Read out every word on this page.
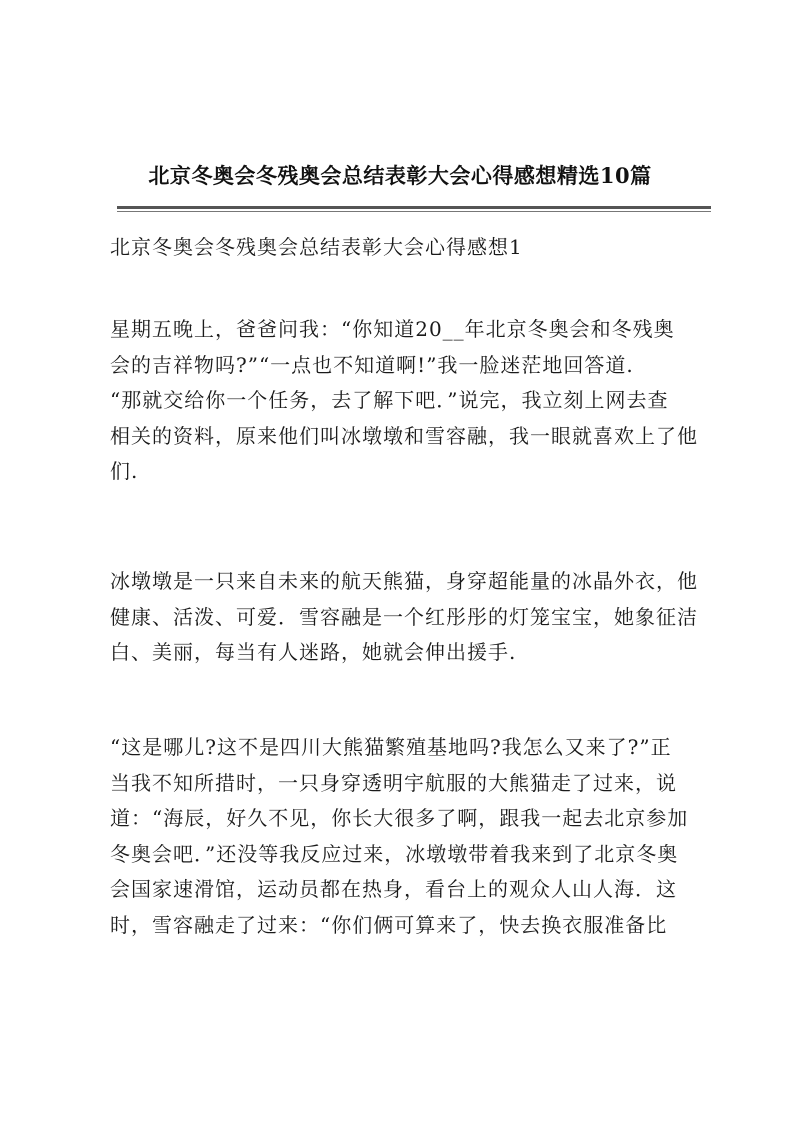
北京冬奥会冬残奥会总结表彰大会心得感想精选10篇
北京冬奥会冬残奥会总结表彰大会心得感想1

星期五晚上，爸爸问我：“你知道20__年北京冬奥会和冬残奥
会的吉祥物吗?”“一点也不知道啊!”我一脸迷茫地回答道.
“那就交给你一个任务，去了解下吧．”说完，我立刻上网去查
相关的资料，原来他们叫冰墩墩和雪容融，我一眼就喜欢上了他
们.

冰墩墩是一只来自未来的航天熊猫，身穿超能量的冰晶外衣，他
健康、活泼、可爱．雪容融是一个红彤彤的灯笼宝宝，她象征洁
白、美丽，每当有人迷路，她就会伸出援手.

“这是哪儿?这不是四川大熊猫繁殖基地吗?我怎么又来了?”正
当我不知所措时，一只身穿透明宇航服的大熊猫走了过来，说
道：“海辰，好久不见，你长大很多了啊，跟我一起去北京参加
冬奥会吧．”还没等我反应过来，冰墩墩带着我来到了北京冬奥
会国家速滑馆，运动员都在热身，看台上的观众人山人海．这
时，雪容融走了过来：“你们俩可算来了，快去换衣服准备比
